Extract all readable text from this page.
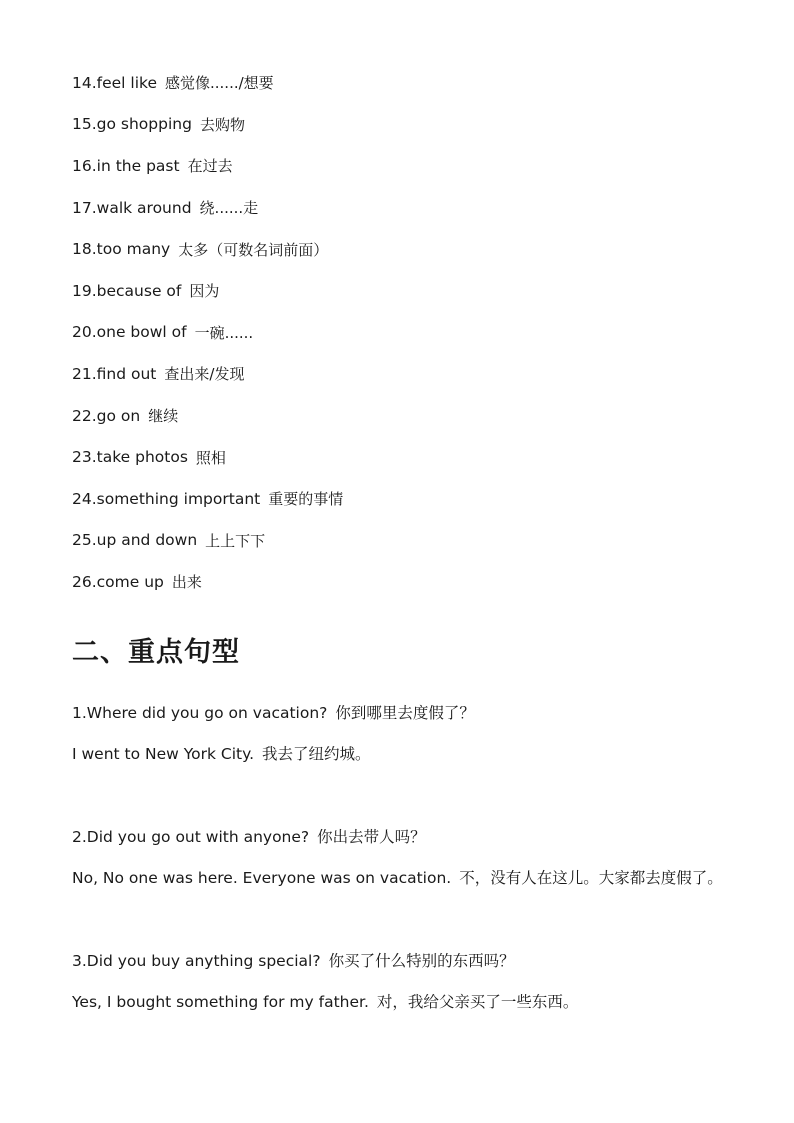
14.feel like 感觉像....../想要
15.go shopping 去购物
16.in the past 在过去
17.walk around 绕......走
18.too many 太多（可数名词前面）
19.because of 因为
20.one bowl of 一碗......
21.find out 查出来/发现
22.go on 继续
23.take photos 照相
24.something important 重要的事情
25.up and down 上上下下
26.come up 出来
二、重点句型
1.Where did you go on vacation? 你到哪里去度假了？
I went to New York City. 我去了纽约城。
2.Did you go out with anyone? 你出去带人吗？
No, No one was here. Everyone was on vacation. 不，没有人在这儿。大家都去度假了。
3.Did you buy anything special? 你买了什么特别的东西吗？
Yes, I bought something for my father. 对，我给父亲买了一些东西。
